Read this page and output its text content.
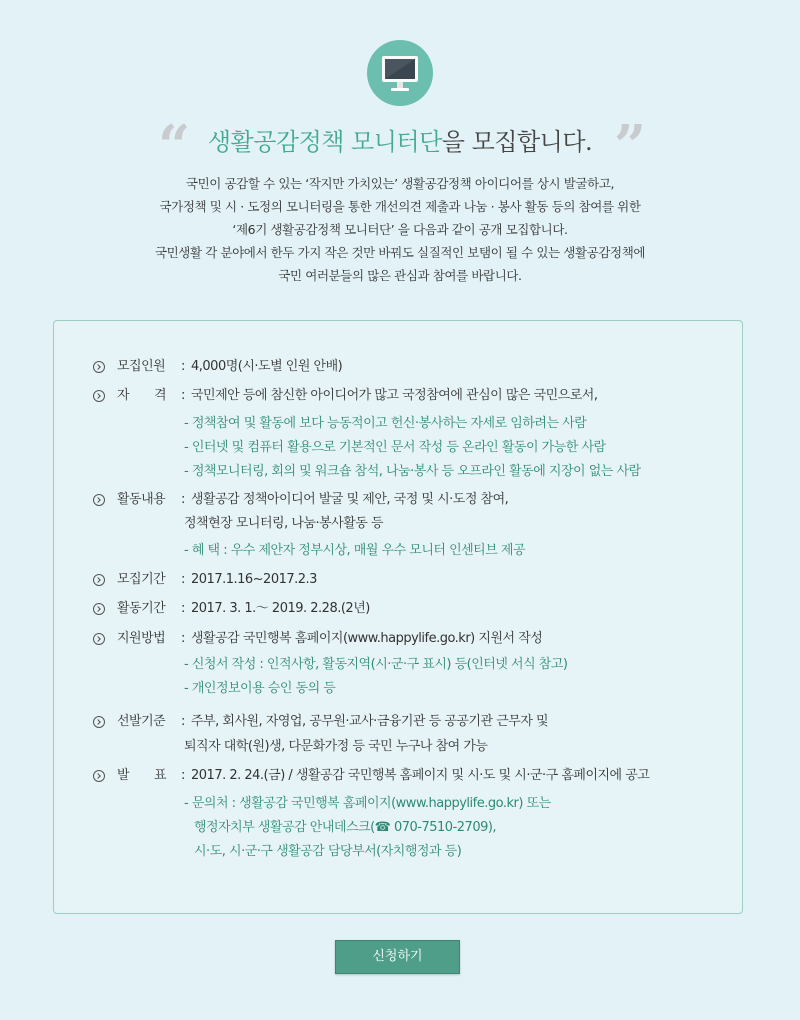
“ 생활공감정책 모니터단을 모집합니다. ”

국민이 공감할 수 있는 ‘작지만 가치있는’ 생활공감정책 아이디어를 상시 발굴하고,

국가정책 및 시 · 도정의 모니터링을 통한 개선의견 제출과 나눔 · 봉사 활동 등의 참여를 위한

‘제6기 생활공감정책 모니터단’ 을 다음과 같이 공개 모집합니다.

국민생활 각 분야에서 한두 가지 작은 것만 바꿔도 실질적인 보탬이 될 수 있는 생활공감정책에

국민 여러분들의 많은 관심과 참여를 바랍니다.

모집인원	: 4,000명(시·도별 인원 안배)
자　　격	: 국민제안 등에 참신한 아이디어가 많고 국정참여에 관심이 많은 국민으로서,
- 정책참여 및 활동에 보다 능동적이고 헌신·봉사하는 자세로 임하려는 사람
- 인터넷 및 컴퓨터 활용으로 기본적인 문서 작성 등 온라인 활동이 가능한 사람
- 정책모니터링, 회의 및 워크숍 참석, 나눔·봉사 등 오프라인 활동에 지장이 없는 사람
활동내용	: 생활공감 정책아이디어 발굴 및 제안, 국정 및 시·도정 참여,
정책현장 모니터링, 나눔·봉사활동 등
- 혜 택 : 우수 제안자 정부시상, 매월 우수 모니터 인센티브 제공
모집기간	: 2017.1.16~2017.2.3
활동기간	: 2017. 3. 1.～ 2019. 2.28.(2년)
지원방법	: 생활공감 국민행복 홈페이지(www.happylife.go.kr) 지원서 작성
- 신청서 작성 : 인적사항, 활동지역(시·군·구 표시) 등(인터넷 서식 참고)
- 개인정보이용 승인 동의 등
선발기준	: 주부, 회사원, 자영업, 공무원·교사·금융기관 등 공공기관 근무자 및
퇴직자 대학(원)생, 다문화가정 등 국민 누구나 참여 가능
발　　표	: 2017. 2. 24.(금) / 생활공감 국민행복 홈페이지 및 시·도 및 시·군·구 홈페이지에 공고
- 문의처 : 생활공감 국민행복 홈페이지(www.happylife.go.kr) 또는
행정자치부 생활공감 안내데스크(☎ 070-7510-2709),
시·도, 시·군·구 생활공감 담당부서(자치행정과 등)
신청하기
